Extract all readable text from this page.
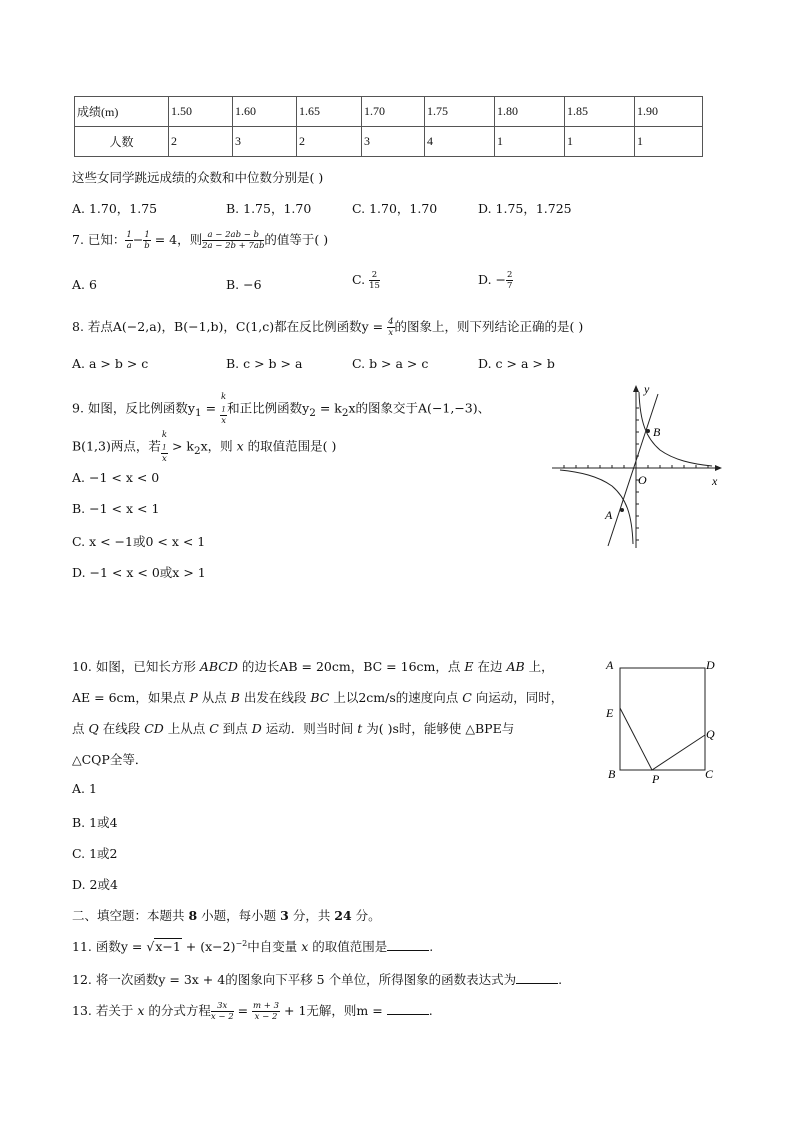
成绩(m)	1.50	1.60	1.65	1.70	1.75	1.80	1.85	1.90
人数	2	3	2	3	4	1	1	1
这些女同学跳远成绩的众数和中位数分别是( )
A. 1.70，1.75	B. 1.75，1.70	C. 1.70，1.70	D. 1.75，1.725
7. 已知： $\frac{1}{a} - \frac{1}{b} = 4$，则 $\frac{a - 2ab - b}{2a - 2b + 7ab}$ 的值等于( )
A. 6	B. −6	C. $\frac{2}{15}$	D. − $\frac{2}{7}$
8. 若点A(−2,a)，B(−1,b)，C(1,c)都在反比例函数$y = \frac{4}{x}$ 的图象上，则下列结论正确的是( )
A. a > b > c	B. c > b > a	C. b > a > c	D. c > a > b
9. 如图，反比例函数$y_1 = k$
$_1$
x 和正比例函数$y_2 = k_2x$的图象交于A(−1,−3)、
B(1,3)两点，若 k
$_1$
$x > k_2x$，则 x 的取值范围是( )
A. −1 < x < 0
B. −1 < x < 1
C. x < −1或0 < x < 1
D. −1 < x < 0或x > 1
y
x
O
B
A
10. 如图，已知长方形 ABCD 的边长AB = 20cm，BC = 16cm，点 E 在边 AB 上，
AE = 6cm，如果点 P 从点 B 出发在线段 BC 上以2cm/s的速度向点 C 向运动，同时，
点 Q 在线段 CD 上从点 C 到点 D 运动．则当时间 t 为( )s时，能够使 △BPE与
△CQP全等．
A. 1
B. 1或4
C. 1或2
D. 2或4
A	D
E
Q
B	P	C
二、填空题：本题共 8 小题，每小题 3 分，共 24 分。
11. 函数$y = √x-1 + (x-2)^{-2}$中自变量 x 的取值范围是	.
12. 将一次函数y = 3x + 4的图象向下平移 5 个单位，所得图象的函数表达式为	.
13. 若关于 x 的分式方程 $\frac{3x}{x - 2} = \frac{m + 3}{x - 2} + 1$无解，则m =	.
